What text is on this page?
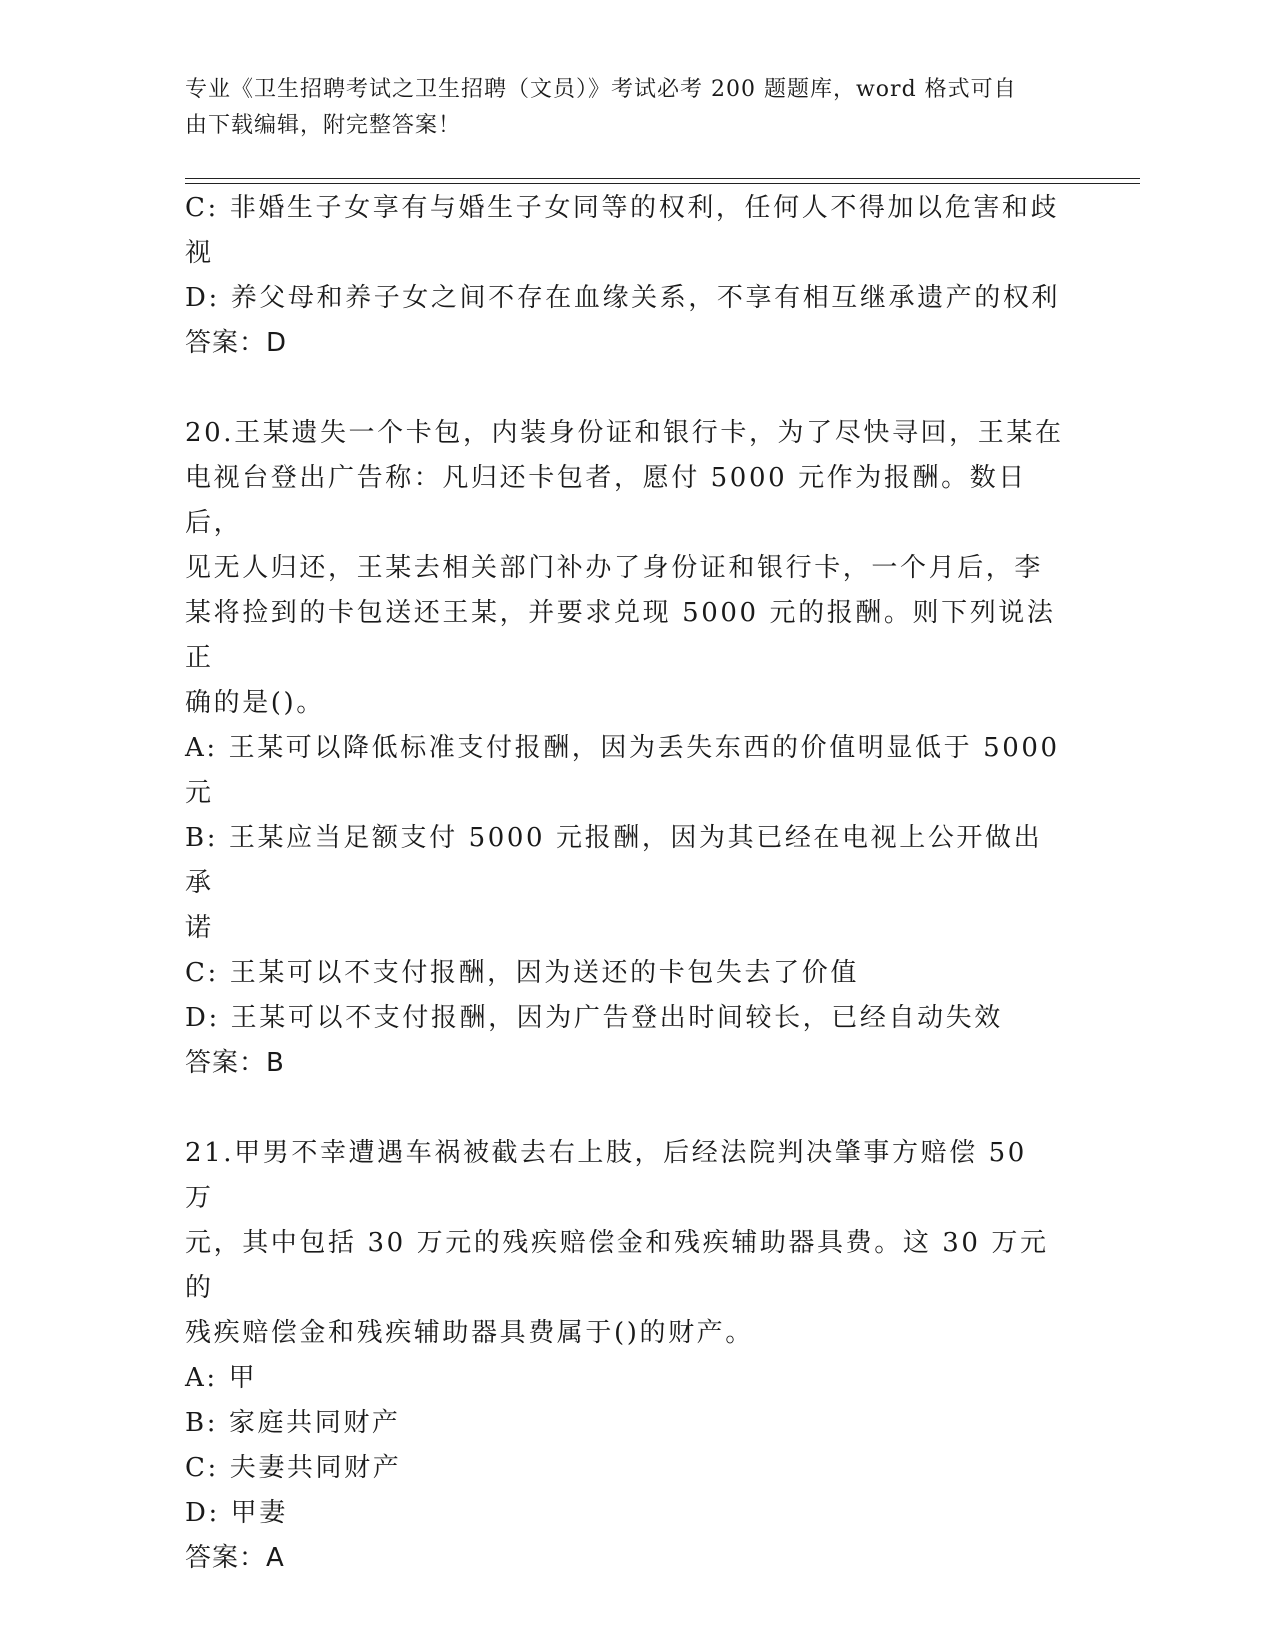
专业《卫生招聘考试之卫生招聘（文员）》考试必考 200 题题库，word 格式可自
由下载编辑，附完整答案！
C: 非婚生子女享有与婚生子女同等的权利，任何人不得加以危害和歧
视
D: 养父母和养子女之间不存在血缘关系，不享有相互继承遗产的权利
答案：D
20.王某遗失一个卡包，内装身份证和银行卡，为了尽快寻回，王某在
电视台登出广告称：凡归还卡包者，愿付 5000 元作为报酬。数日后，
见无人归还，王某去相关部门补办了身份证和银行卡，一个月后，李
某将捡到的卡包送还王某，并要求兑现 5000 元的报酬。则下列说法正
确的是()。
A: 王某可以降低标准支付报酬，因为丢失东西的价值明显低于 5000
元
B: 王某应当足额支付 5000 元报酬，因为其已经在电视上公开做出承
诺
C: 王某可以不支付报酬，因为送还的卡包失去了价值
D: 王某可以不支付报酬，因为广告登出时间较长，已经自动失效
答案：B
21.甲男不幸遭遇车祸被截去右上肢，后经法院判决肇事方赔偿 50 万
元，其中包括 30 万元的残疾赔偿金和残疾辅助器具费。这 30 万元的
残疾赔偿金和残疾辅助器具费属于()的财产。
A: 甲
B: 家庭共同财产
C: 夫妻共同财产
D: 甲妻
答案：A
